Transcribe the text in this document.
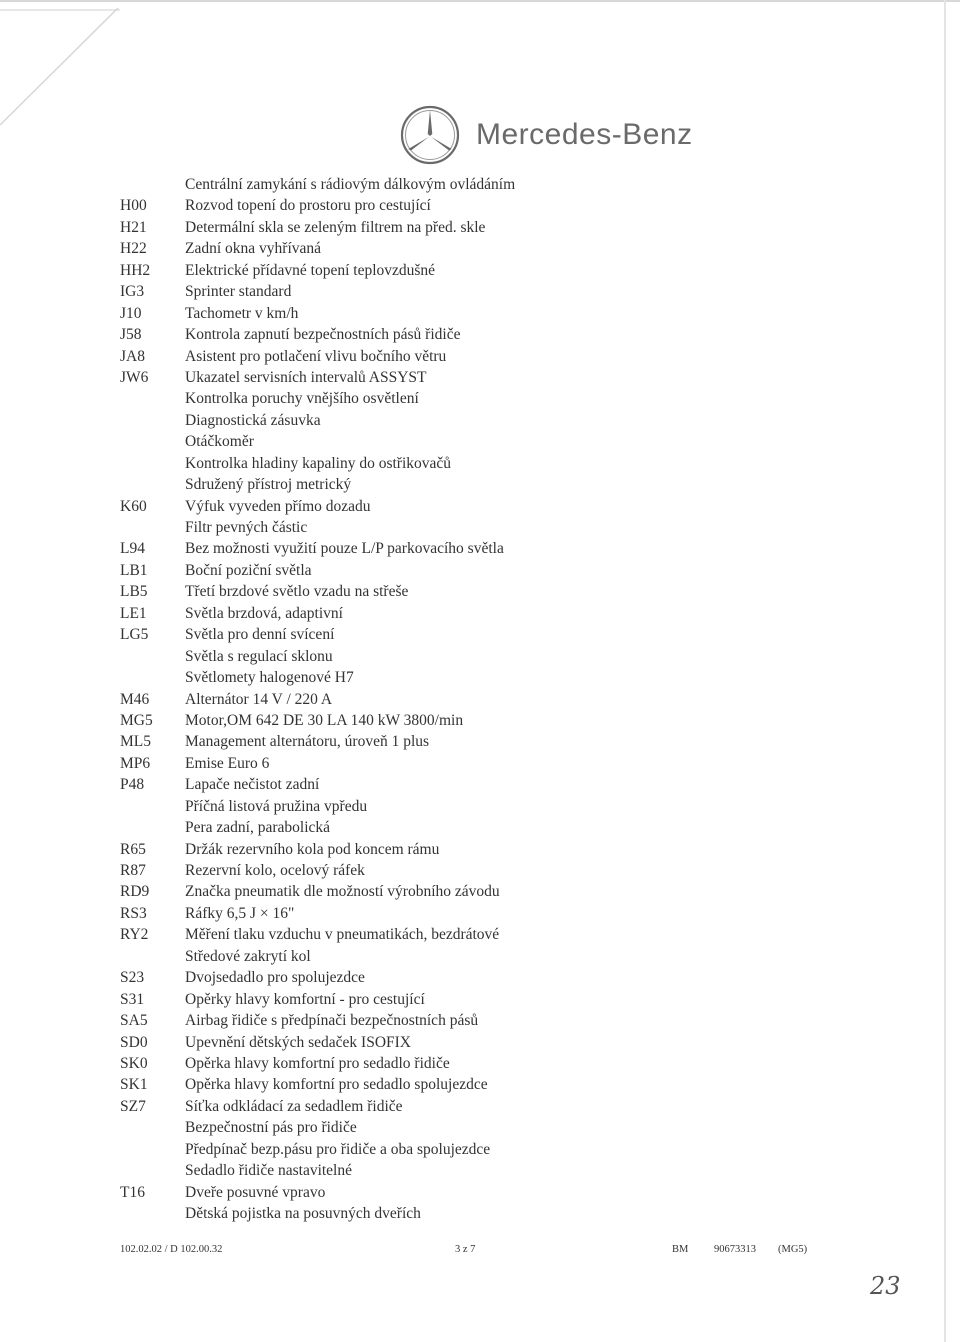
Mercedes-Benz
Centrální zamykání s rádiovým dálkovým ovládáním
H00 Rozvod topení do prostoru pro cestující
H21 Determální skla se zeleným filtrem na před. skle
H22 Zadní okna vyhřívaná
HH2 Elektrické přídavné topení teplovzdušné
IG3	Sprinter standard
J10	Tachometr v km/h
J58	Kontrola zapnutí bezpečnostních pásů řidiče
JA8	Asistent pro potlačení vlivu bočního větru
JW6 Ukazatel servisních intervalů ASSYST
Kontrolka poruchy vnějšího osvětlení
Diagnostická zásuvka
Otáčkoměr
Kontrolka hladiny kapaliny do ostřikovačů
Sdružený přístroj metrický
K60 Výfuk vyveden přímo dozadu
Filtr pevných částic
L94	Bez možnosti využití pouze L/P parkovacího světla
LB1 Boční poziční světla
LB5 Třetí brzdové světlo vzadu na střeše
LE1 Světla brzdová, adaptivní
LG5 Světla pro denní svícení
Světla s regulací sklonu
Světlomety halogenové H7
M46 Alternátor 14 V / 220 A
MG5 Motor,OM 642 DE 30 LA 140 kW 3800/min
ML5 Management alternátoru, úroveň 1 plus
MP6 Emise Euro 6
P48	Lapače nečistot zadní
Příčná listová pružina vpředu
Pera zadní, parabolická
R65	Držák rezervního kola pod koncem rámu
R87	Rezervní kolo, ocelový ráfek
RD9 Značka pneumatik dle možností výrobního závodu
RS3 Ráfky 6,5 J × 16"
RY2 Měření tlaku vzduchu v pneumatikách, bezdrátové
Středové zakrytí kol
S23	Dvojsedadlo pro spolujezdce
S31	Opěrky hlavy komfortní - pro cestující
SA5 Airbag řidiče s předpínači bezpečnostních pásů
SD0 Upevnění dětských sedaček ISOFIX
SK0 Opěrka hlavy komfortní pro sedadlo řidiče
SK1 Opěrka hlavy komfortní pro sedadlo spolujezdce
SZ7	Síťka odkládací za sedadlem řidiče
Bezpečnostní pás pro řidiče
Předpínač bezp.pásu pro řidiče a oba spolujezdce
Sedadlo řidiče nastavitelné
T16	Dveře posuvné vpravo
Dětská pojistka na posuvných dveřích
102.02.02 / D 102.00.32	3 z 7	BM 90673313 (MG5)
23
